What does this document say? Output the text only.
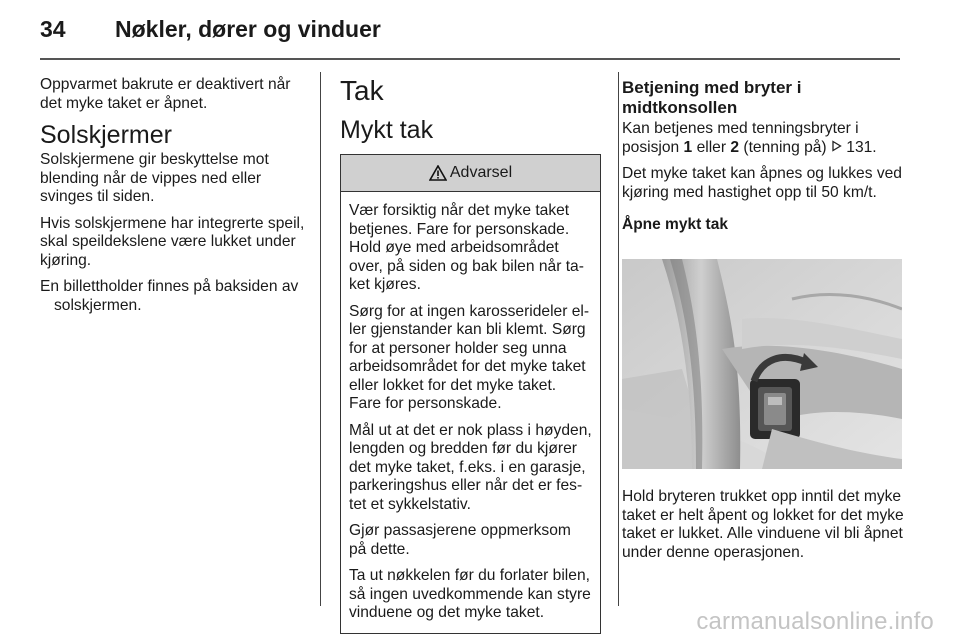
34 Nøkler, dører og vinduer

Oppvarmet bakrute er deaktivert når det myke taket er åpnet.

Solskjermer

Solskjermene gir beskyttelse mot blending når de vippes ned eller svinges til siden.

Hvis solskjermene har integrerte speil, skal speildekslene være lukket under kjøring.

En billettholder finnes på baksiden av solskjermen.

Tak
Mykt tak
Advarsel

Vær forsiktig når det myke taket betjenes. Fare for personskade. Hold øye med arbeidsområdet over, på siden og bak bilen når taket kjøres.

Sørg for at ingen karosserideler eller gjenstander kan bli klemt. Sørg for at personer holder seg unna arbeidsområdet for det myke taket eller lokket for det myke taket. Fare for personskade.

Mål ut at det er nok plass i høyden, lengden og bredden før du kjører det myke taket, f.eks. i en garasje, parkeringshus eller når det er festet et sykkelstativ.

Gjør passasjerene oppmerksom på dette.

Ta ut nøkkelen før du forlater bilen, så ingen uvedkommende kan styre vinduene og det myke taket.

Betjening med bryter i midtkonsollen

Kan betjenes med tenningsbryter i posisjon 1 eller 2 (tenning på)  131.

Det myke taket kan åpnes og lukkes ved kjøring med hastighet opp til 50 km/t.

Åpne mykt tak

Hold bryteren trukket opp inntil det myke taket er helt åpent og lokket for det myke taket er lukket. Alle vinduene vil bli åpnet under denne operasjonen.

carmanualsonline.info
